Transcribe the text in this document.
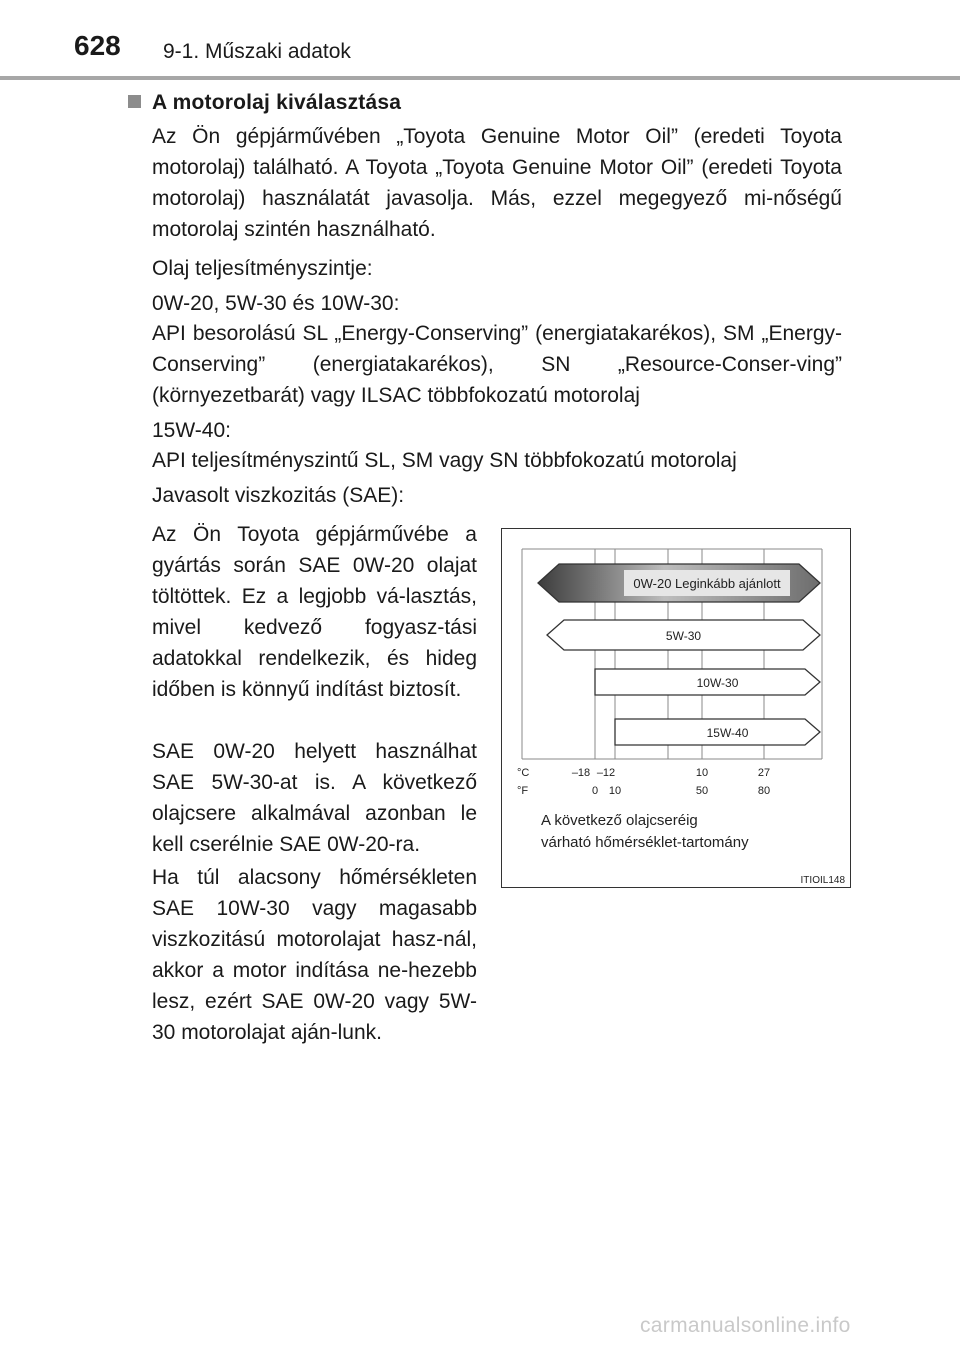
628 9-1. Műszaki adatok
A motorolaj kiválasztása
Az Ön gépjárművében „Toyota Genuine Motor Oil” (eredeti Toyota motorolaj) található. A Toyota „Toyota Genuine Motor Oil” (eredeti Toyota motorolaj) használatát javasolja. Más, ezzel megegyező mi-nőségű motorolaj szintén használható.
Olaj teljesítményszintje:
0W-20, 5W-30 és 10W-30:
API besorolású SL „Energy-Conserving” (energiatakarékos), SM „Energy-Conserving” (energiatakarékos), SN „Resource-Conser-ving” (környezetbarát) vagy ILSAC többfokozatú motorolaj
15W-40:
API teljesítményszintű SL, SM vagy SN többfokozatú motorolaj
Javasolt viszkozitás (SAE):
Az Ön Toyota gépjárművébe a gyártás során SAE 0W-20 olajat töltöttek. Ez a legjobb vá-lasztás, mivel kedvező fogyasz-tási adatokkal rendelkezik, és hideg időben is könnyű indítást biztosít.
SAE 0W-20 helyett használhat SAE 5W-30-at is. A következő olajcsere alkalmával azonban le kell cserélnie SAE 0W-20-ra.
Ha túl alacsony hőmérsékleten SAE 10W-30 vagy magasabb viszkozitású motorolajat hasz-nál, akkor a motor indítása ne-hezebb lesz, ezért SAE 0W-20 vagy 5W-30 motorolajat aján-lunk.
0W-20 Leginkább ajánlott
5W-30
10W-30
15W-40
–18 –12	10	27
0 10	50	80
°C
°F
A következő olajcseréig
várható hőmérséklet-tartomány
ITIOIL148
carmanualsonline.info
